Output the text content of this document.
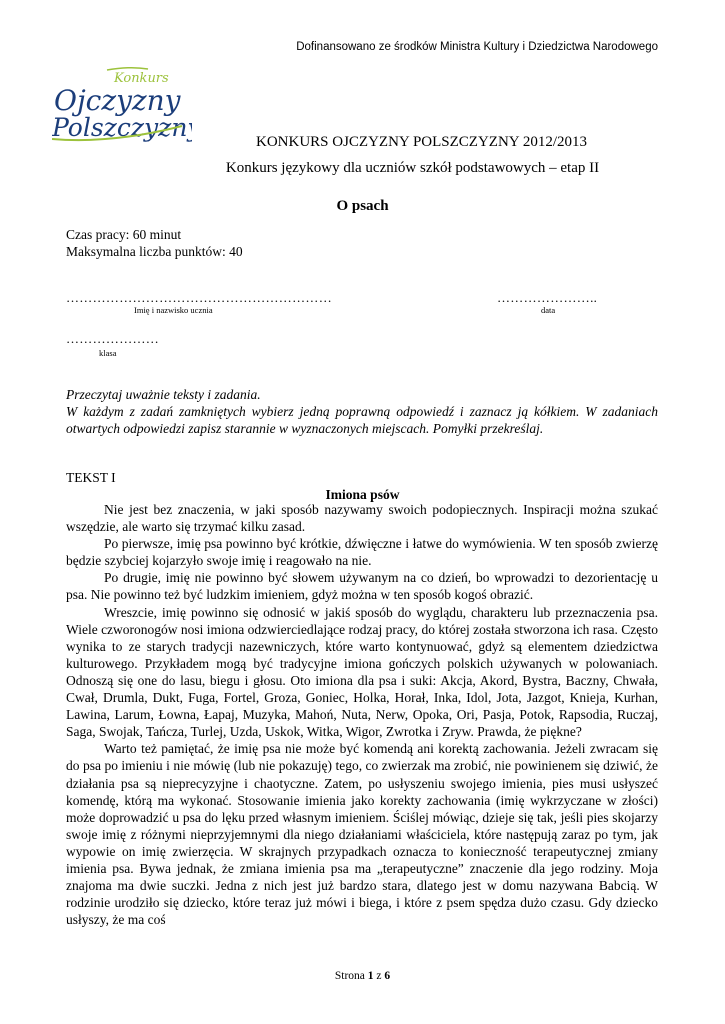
Dofinansowano ze środków Ministra Kultury i Dziedzictwa Narodowego
Konkurs
Ojczyzny
Polszczyzny	KONKURS OJCZYZNY POLSZCZYZNY 2012/2013
Konkurs językowy dla uczniów szkół podstawowych – etap II
O psach
Czas pracy: 60 minut
Maksymalna liczba punktów: 40
……………………………………………………
Imię i nazwisko ucznia
…………………..
data
…………………
klasa

Przeczytaj uważnie teksty i zadania.

W każdym z zadań zamkniętych wybierz jedną poprawną odpowiedź i zaznacz ją kółkiem. W zadaniach otwartych odpowiedzi zapisz starannie w wyznaczonych miejscach. Pomyłki przekreślaj.

TEKST I
Imiona psów

Nie jest bez znaczenia, w jaki sposób nazywamy swoich podopiecznych. Inspiracji można szukać wszędzie, ale warto się trzymać kilku zasad.

Po pierwsze, imię psa powinno być krótkie, dźwięczne i łatwe do wymówienia. W ten sposób zwierzę będzie szybciej kojarzyło swoje imię i reagowało na nie.

Po drugie, imię nie powinno być słowem używanym na co dzień, bo wprowadzi to dezorientację u psa. Nie powinno też być ludzkim imieniem, gdyż można w ten sposób kogoś obrazić.

Wreszcie, imię powinno się odnosić w jakiś sposób do wyglądu, charakteru lub przeznaczenia psa. Wiele czworonogów nosi imiona odzwierciedlające rodzaj pracy, do której została stworzona ich rasa. Często wynika to ze starych tradycji nazewniczych, które warto kontynuować, gdyż są elementem dziedzictwa kulturowego. Przykładem mogą być tradycyjne imiona gończych polskich używanych w polowaniach. Odnoszą się one do lasu, biegu i głosu. Oto imiona dla psa i suki: Akcja, Akord, Bystra, Baczny, Chwała, Cwał, Drumla, Dukt, Fuga, Fortel, Groza, Goniec, Holka, Horał, Inka, Idol, Jota, Jazgot, Knieja, Kurhan, Lawina, Larum, Łowna, Łapaj, Muzyka, Mahoń, Nuta, Nerw, Opoka, Ori, Pasja, Potok, Rapsodia, Ruczaj, Saga, Swojak, Tańcza, Turlej, Uzda, Uskok, Witka, Wigor, Zwrotka i Zryw. Prawda, że piękne?

Warto też pamiętać, że imię psa nie może być komendą ani korektą zachowania. Jeżeli zwracam się do psa po imieniu i nie mówię (lub nie pokazuję) tego, co zwierzak ma zrobić, nie powinienem się dziwić, że działania psa są nieprecyzyjne i chaotyczne. Zatem, po usłyszeniu swojego imienia, pies musi usłyszeć komendę, którą ma wykonać. Stosowanie imienia jako korekty zachowania (imię wykrzyczane w złości) może doprowadzić u psa do lęku przed własnym imieniem. Ściślej mówiąc, dzieje się tak, jeśli pies skojarzy swoje imię z różnymi nieprzyjemnymi dla niego działaniami właściciela, które następują zaraz po tym, jak wypowie on imię zwierzęcia. W skrajnych przypadkach oznacza to konieczność terapeutycznej zmiany imienia psa. Bywa jednak, że zmiana imienia psa ma „terapeutyczne” znaczenie dla jego rodziny. Moja znajoma ma dwie suczki. Jedna z nich jest już bardzo stara, dlatego jest w domu nazywana Babcią. W rodzinie urodziło się dziecko, które teraz już mówi i biega, i które z psem spędza dużo czasu. Gdy dziecko usłyszy, że ma coś

Strona 1 z 6
